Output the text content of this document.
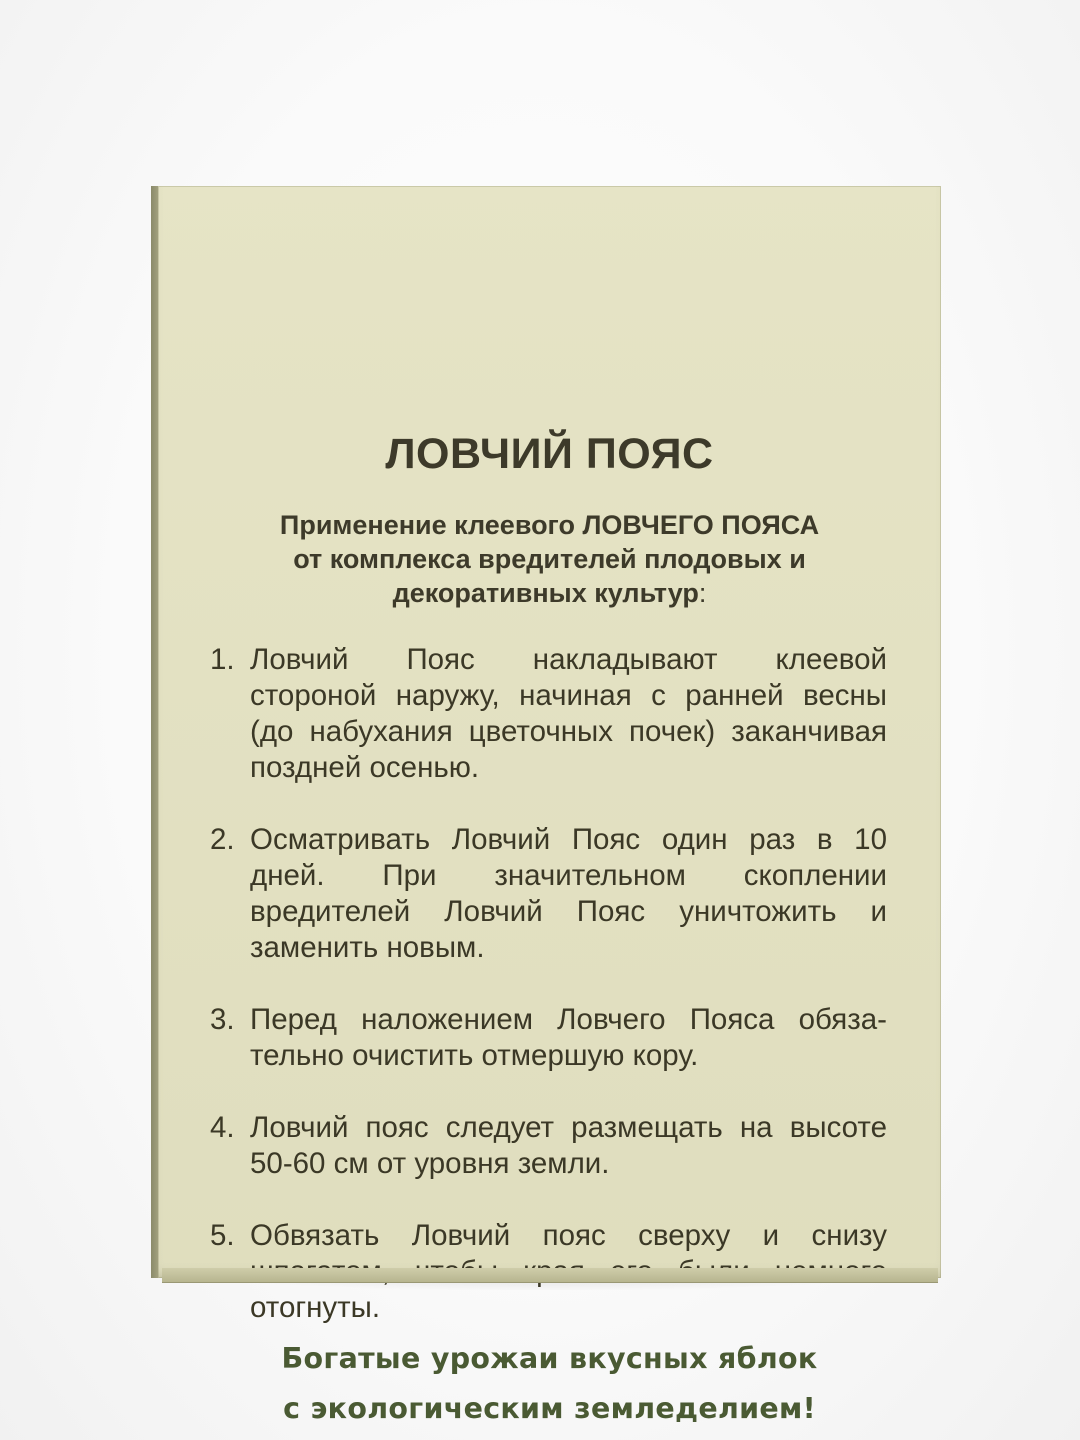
ЛОВЧИЙ ПОЯС
Применение клеевого ЛОВЧЕГО ПОЯСА
от комплекса вредителей плодовых и
декоративных культур:
1. Ловчий Пояс накладывают клеевой
стороной наружу, начиная с ранней весны
(до набухания цветочных почек) заканчивая
поздней осенью.
2. Осматривать Ловчий Пояс один раз в 10
дней. При значительном скоплении
вредителей Ловчий Пояс уничтожить и
заменить новым.
3. Перед наложением Ловчего Пояса обяза-
тельно очистить отмершую кору.
4. Ловчий пояс следует размещать на высоте
50-60 см от уровня земли.
5. Обвязать Ловчий пояс сверху и снизу
отогнуты.
Богатые урожаи вкусных яблок
с экологическим земледелием!
